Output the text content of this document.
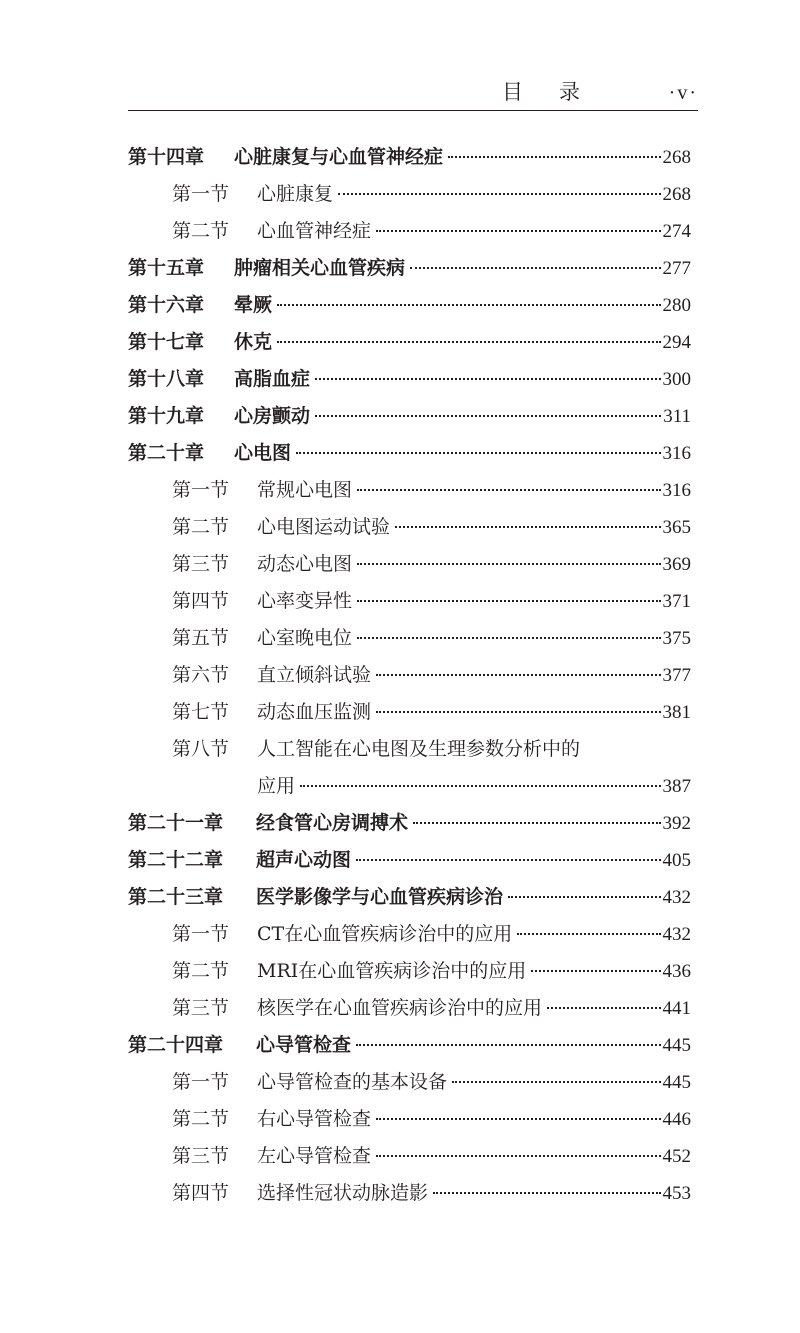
目录	·v·
第十四章	心脏康复与心血管神经症	268
第一节	心脏康复	268
第二节	心血管神经症	274
第十五章	肿瘤相关心血管疾病	277
第十六章	晕厥	280
第十七章	休克	294
第十八章	高脂血症	300
第十九章	心房颤动	311
第二十章	心电图	316
第一节	常规心电图	316
第二节	心电图运动试验	365
第三节	动态心电图	369
第四节	心率变异性	371
第五节	心室晚电位	375
第六节	直立倾斜试验	377
第七节	动态血压监测	381
第八节	人工智能在心电图及生理参数分析中的
应用	387
第二十一章	经食管心房调搏术	392
第二十二章	超声心动图	405
第二十三章	医学影像学与心血管疾病诊治	432
第一节	CT在心血管疾病诊治中的应用	432
第二节	MRI在心血管疾病诊治中的应用	436
第三节	核医学在心血管疾病诊治中的应用	441
第二十四章	心导管检查	445
第一节	心导管检查的基本设备	445
第二节	右心导管检查	446
第三节	左心导管检查	452
第四节	选择性冠状动脉造影	453
